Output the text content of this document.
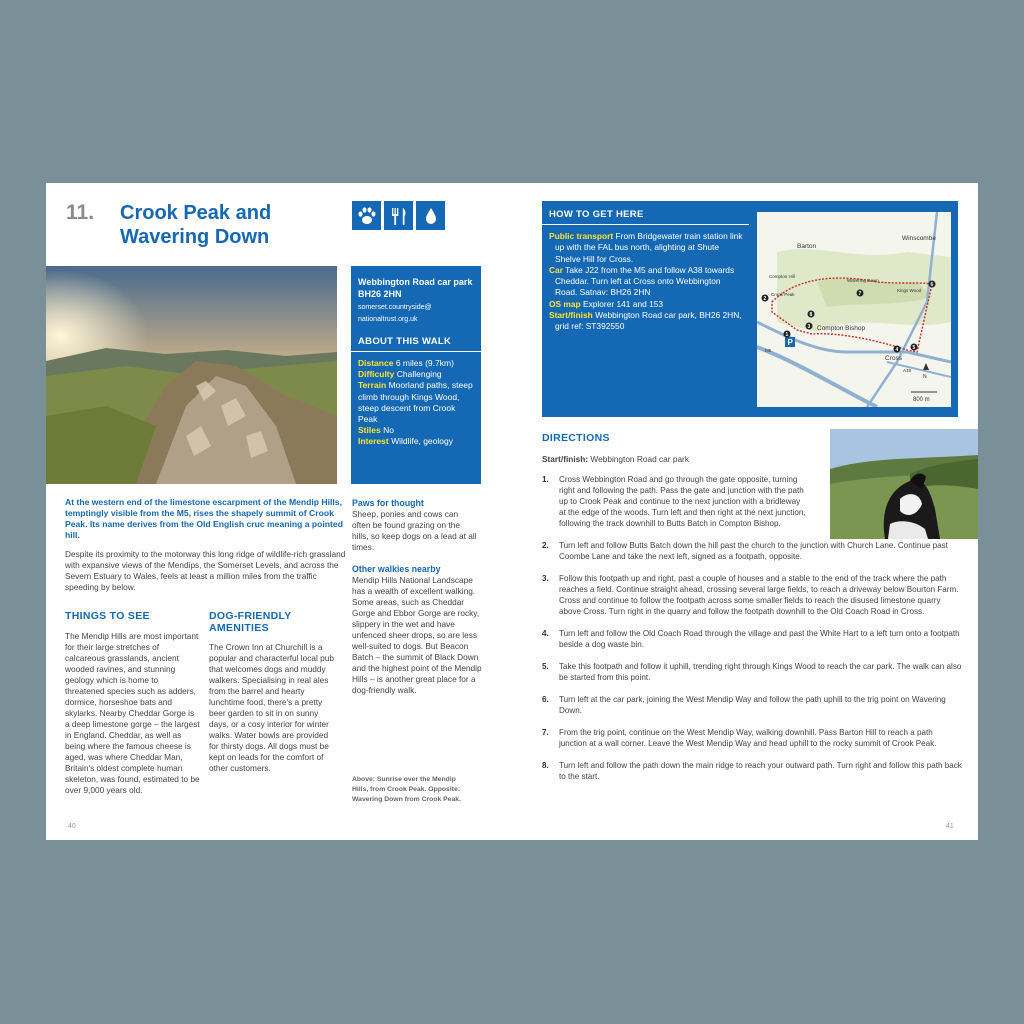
11. Crook Peak and Wavering Down
Webbington Road car park BH26 2HN
somerset.countryside@ nationaltrust.org.uk
ABOUT THIS WALK
Distance 6 miles (9.7km)
Difficulty Challenging
Terrain Moorland paths, steep climb through Kings Wood, steep descent from Crook Peak
Stiles No
Interest Wildlife, geology
At the western end of the limestone escarpment of the Mendip Hills, temptingly visible from the M5, rises the shapely summit of Crook Peak. Its name derives from the Old English cruc meaning a pointed hill.
Despite its proximity to the motorway this long ridge of wildlife-rich grassland with expansive views of the Mendips, the Somerset Levels, and across the Severn Estuary to Wales, feels at least a million miles from the traffic speeding by below.
THINGS TO SEE
The Mendip Hills are most important for their large stretches of calcareous grasslands, ancient wooded ravines, and stunning geology which is home to threatened species such as adders, dormice, horseshoe bats and skylarks. Nearby Cheddar Gorge is a deep limestone gorge – the largest in England. Cheddar, as well as being where the famous cheese is aged, was where Cheddar Man, Britain's oldest complete human skeleton, was found, estimated to be over 9,000 years old.
DOG-FRIENDLY AMENITIES
The Crown Inn at Churchill is a popular and characterful local pub that welcomes dogs and muddy walkers. Specialising in real ales from the barrel and hearty lunchtime food, there's a pretty beer garden to sit in on sunny days, or a cosy interior for winter walks. Water bowls are provided for thirsty dogs. All dogs must be kept on leads for the comfort of other customers.
Paws for thought
Sheep, ponies and cows can often be found grazing on the hills, so keep dogs on a lead at all times.
Other walkies nearby
Mendip Hills National Landscape has a wealth of excellent walking. Some areas, such as Cheddar Gorge and Ebbor Gorge are rocky, slippery in the wet and have unfenced sheer drops, so are less well-suited to dogs. But Beacon Batch – the summit of Black Down and the highest point of the Mendip Hills – is another great place for a dog-friendly walk.
Above: Sunrise over the Mendip Hills, from Crook Peak. Opposite: Wavering Down from Crook Peak.
40
HOW TO GET HERE

Public transport From Bridgewater train station link up with the FAL bus north, alighting at Shute Shelve Hill for Cross.

Car Take J22 from the M5 and follow A38 towards Cheddar. Turn left at Cross onto Webbington Road. Satnav: BH26 2HN

OS map Explorer 141 and 153

Start/finish Webbington Road car park, BH26 2HN, grid ref: ST392550

P
Barton
Winscombe
Compton Hill
Crook Peak
Wavering Down
Kings Wood
Compton Bishop
Cross
A38
M5
1
2
3
4	5
6
7
8
N
800 m
DIRECTIONS
Start/finish: Webbington Road car park
1. Cross Webbington Road and go through the gate opposite, turning right and following the path. Pass the gate and junction with the path up to Crook Peak and continue to the next junction with a bridleway at the edge of the woods. Turn left and then right at the next junction, following the track downhill to Butts Batch in Compton Bishop.
2. Turn left and follow Butts Batch down the hill past the church to the junction with Church Lane. Continue past Coombe Lane and take the next left, signed as a footpath, opposite.
3. Follow this footpath up and right, past a couple of houses and a stable to the end of the track where the path reaches a field. Continue straight ahead, crossing several large fields, to reach a driveway below Bourton Farm. Cross and continue to follow the footpath across some smaller fields to reach the disused limestone quarry above Cross. Turn right in the quarry and follow the footpath downhill to the Old Coach Road in Cross.
4. Turn left and follow the Old Coach Road through the village and past the White Hart to a left turn onto a footpath beside a dog waste bin.
5. Take this footpath and follow it uphill, trending right through Kings Wood to reach the car park. The walk can also be started from this point.
6. Turn left at the car park, joining the West Mendip Way and follow the path uphill to the trig point on Wavering Down.
7. From the trig point, continue on the West Mendip Way, walking downhill. Pass Barton Hill to reach a path junction at a wall corner. Leave the West Mendip Way and head uphill to the rocky summit of Crook Peak.
8. Turn left and follow the path down the main ridge to reach your outward path. Turn right and follow this path back to the start.
41
